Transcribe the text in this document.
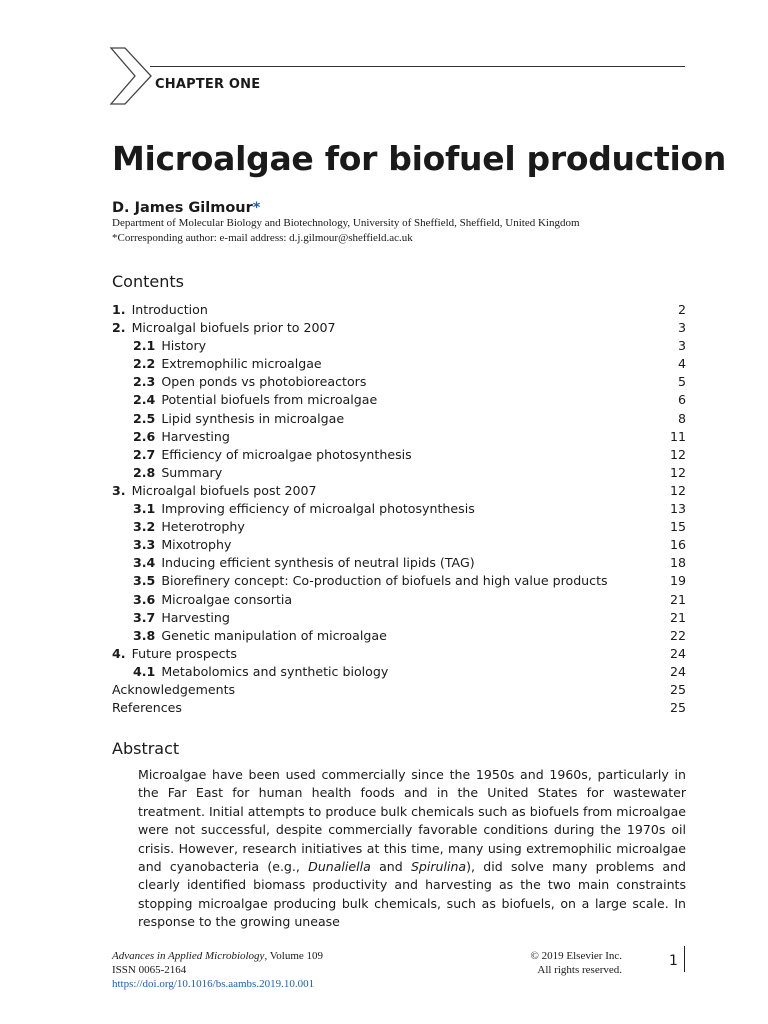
CHAPTER ONE
Microalgae for biofuel production
D. James Gilmour*
Department of Molecular Biology and Biotechnology, University of Sheffield, Sheffield, United Kingdom
*Corresponding author: e-mail address: d.j.gilmour@sheffield.ac.uk
Contents
1. Introduction	2
2. Microalgal biofuels prior to 2007	3
2.1 History	3
2.2 Extremophilic microalgae	4
2.3 Open ponds vs photobioreactors	5
2.4 Potential biofuels from microalgae	6
2.5 Lipid synthesis in microalgae	8
2.6 Harvesting	11
2.7 Efficiency of microalgae photosynthesis	12
2.8 Summary	12
3. Microalgal biofuels post 2007	12
3.1 Improving efficiency of microalgal photosynthesis	13
3.2 Heterotrophy	15
3.3 Mixotrophy	16
3.4 Inducing efficient synthesis of neutral lipids (TAG)	18
3.5 Biorefinery concept: Co-production of biofuels and high value products	19
3.6 Microalgae consortia	21
3.7 Harvesting	21
3.8 Genetic manipulation of microalgae	22
4. Future prospects	24
4.1 Metabolomics and synthetic biology	24
Acknowledgements	25
References	25
Abstract

Microalgae have been used commercially since the 1950s and 1960s, particularly in the Far East for human health foods and in the United States for wastewater treatment. Initial attempts to produce bulk chemicals such as biofuels from microalgae were not successful, despite commercially favorable conditions during the 1970s oil crisis. However, research initiatives at this time, many using extremophilic microalgae and cyanobacteria (e.g., Dunaliella and Spirulina), did solve many problems and clearly identified biomass productivity and harvesting as the two main constraints stopping microalgae producing bulk chemicals, such as biofuels, on a large scale. In response to the growing unease

Advances in Applied Microbiology, Volume 109
ISSN 0065-2164
https://doi.org/10.1016/bs.aambs.2019.10.001
© 2019 Elsevier Inc.
All rights reserved.
1
